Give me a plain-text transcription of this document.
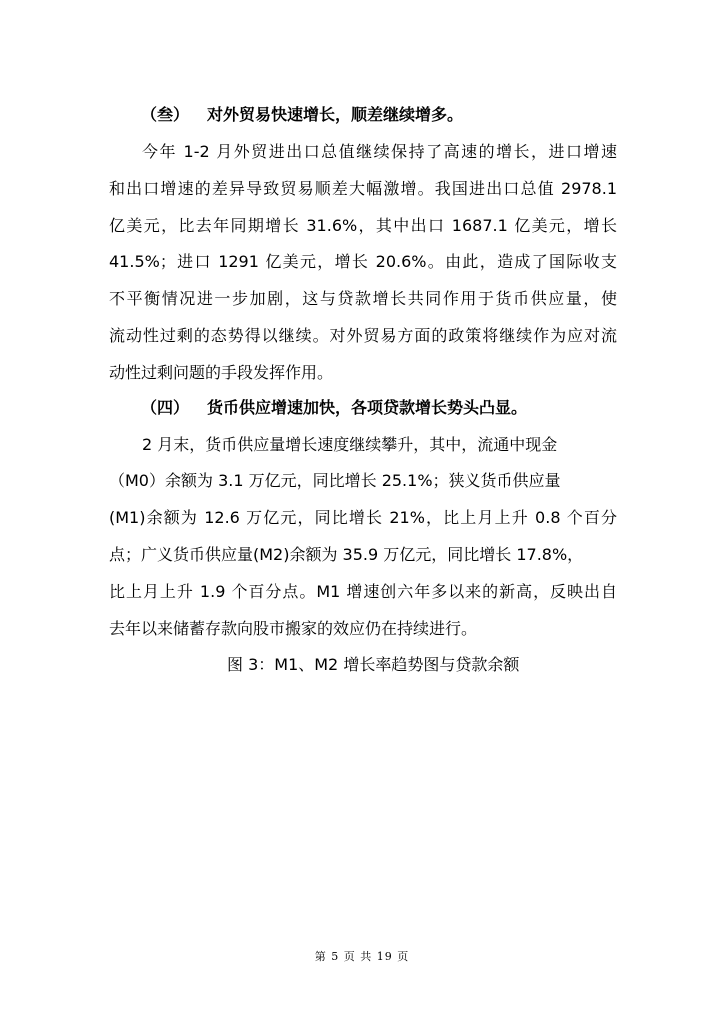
（叁） 对外贸易快速增长，顺差继续增多。
今年 1-2 月外贸进出口总值继续保持了高速的增长，进口增速
和出口增速的差异导致贸易顺差大幅激增。我国进出口总值 2978.1
亿美元，比去年同期增长 31.6%，其中出口 1687.1 亿美元，增长
41.5%；进口 1291 亿美元，增长 20.6%。由此，造成了国际收支
不平衡情况进一步加剧，这与贷款增长共同作用于货币供应量，使
流动性过剩的态势得以继续。对外贸易方面的政策将继续作为应对流
动性过剩问题的手段发挥作用。
（四） 货币供应增速加快，各项贷款增长势头凸显。
2 月末，货币供应量增长速度继续攀升，其中，流通中现金
（M0）余额为 3.1 万亿元，同比增长 25.1%；狭义货币供应量
(M1)余额为 12.6 万亿元，同比增长 21%，比上月上升 0.8 个百分
点；广义货币供应量(M2)余额为 35.9 万亿元，同比增长 17.8%，
比上月上升 1.9 个百分点。M1 增速创六年多以来的新高，反映出自
去年以来储蓄存款向股市搬家的效应仍在持续进行。
图 3：M1、M2 增长率趋势图与贷款余额
第 5 页 共 19 页
